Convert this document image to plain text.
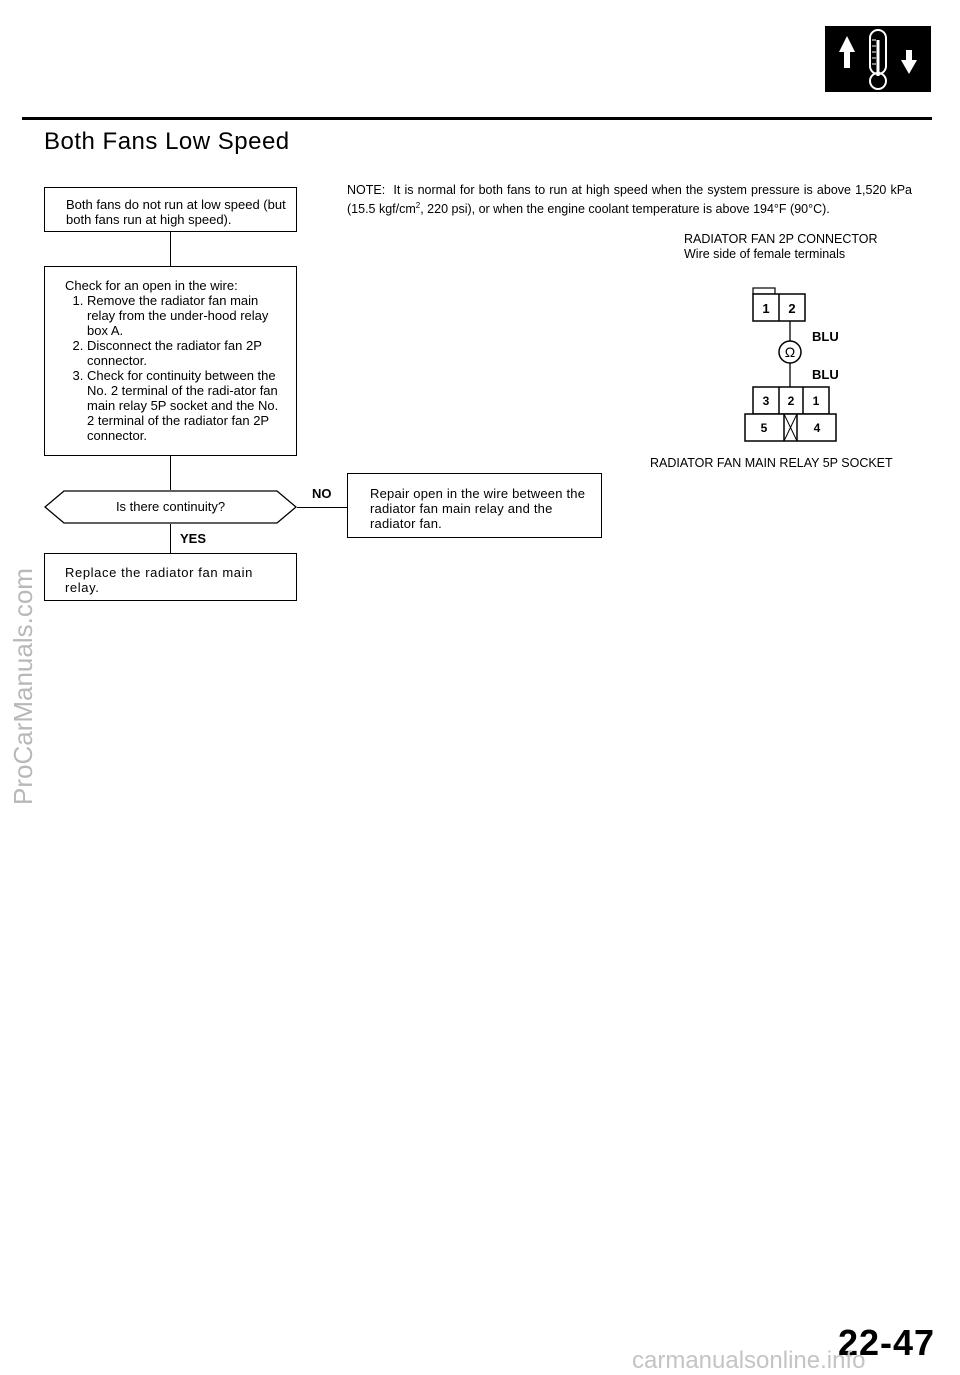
Both Fans Low Speed
Both fans do not run at low speed (but both fans run at high speed).
Check for an open in the wire:
1. Remove the radiator fan main relay from the under-hood relay box A.
2. Disconnect the radiator fan 2P connector.
3. Check for continuity between the No. 2 terminal of the radi-ator fan main relay 5P socket and the No. 2 terminal of the radiator fan 2P connector.
Is there continuity?
NO
YES
Replace the radiator fan main relay.
Repair open in the wire between the radiator fan main relay and the radiator fan.
NOTE: It is normal for both fans to run at high speed when the system pressure is above 1,520 kPa (15.5 kgf/$cm^2$, 220 psi), or when the engine coolant temperature is above 194°F (90°C).
RADIATOR FAN 2P CONNECTOR
Wire side of female terminals
1 2
Ω
BLU
BLU
3 2 1
5	4
RADIATOR FAN MAIN RELAY 5P SOCKET
ProCarManuals.com
22-47
carmanualsonline.info
